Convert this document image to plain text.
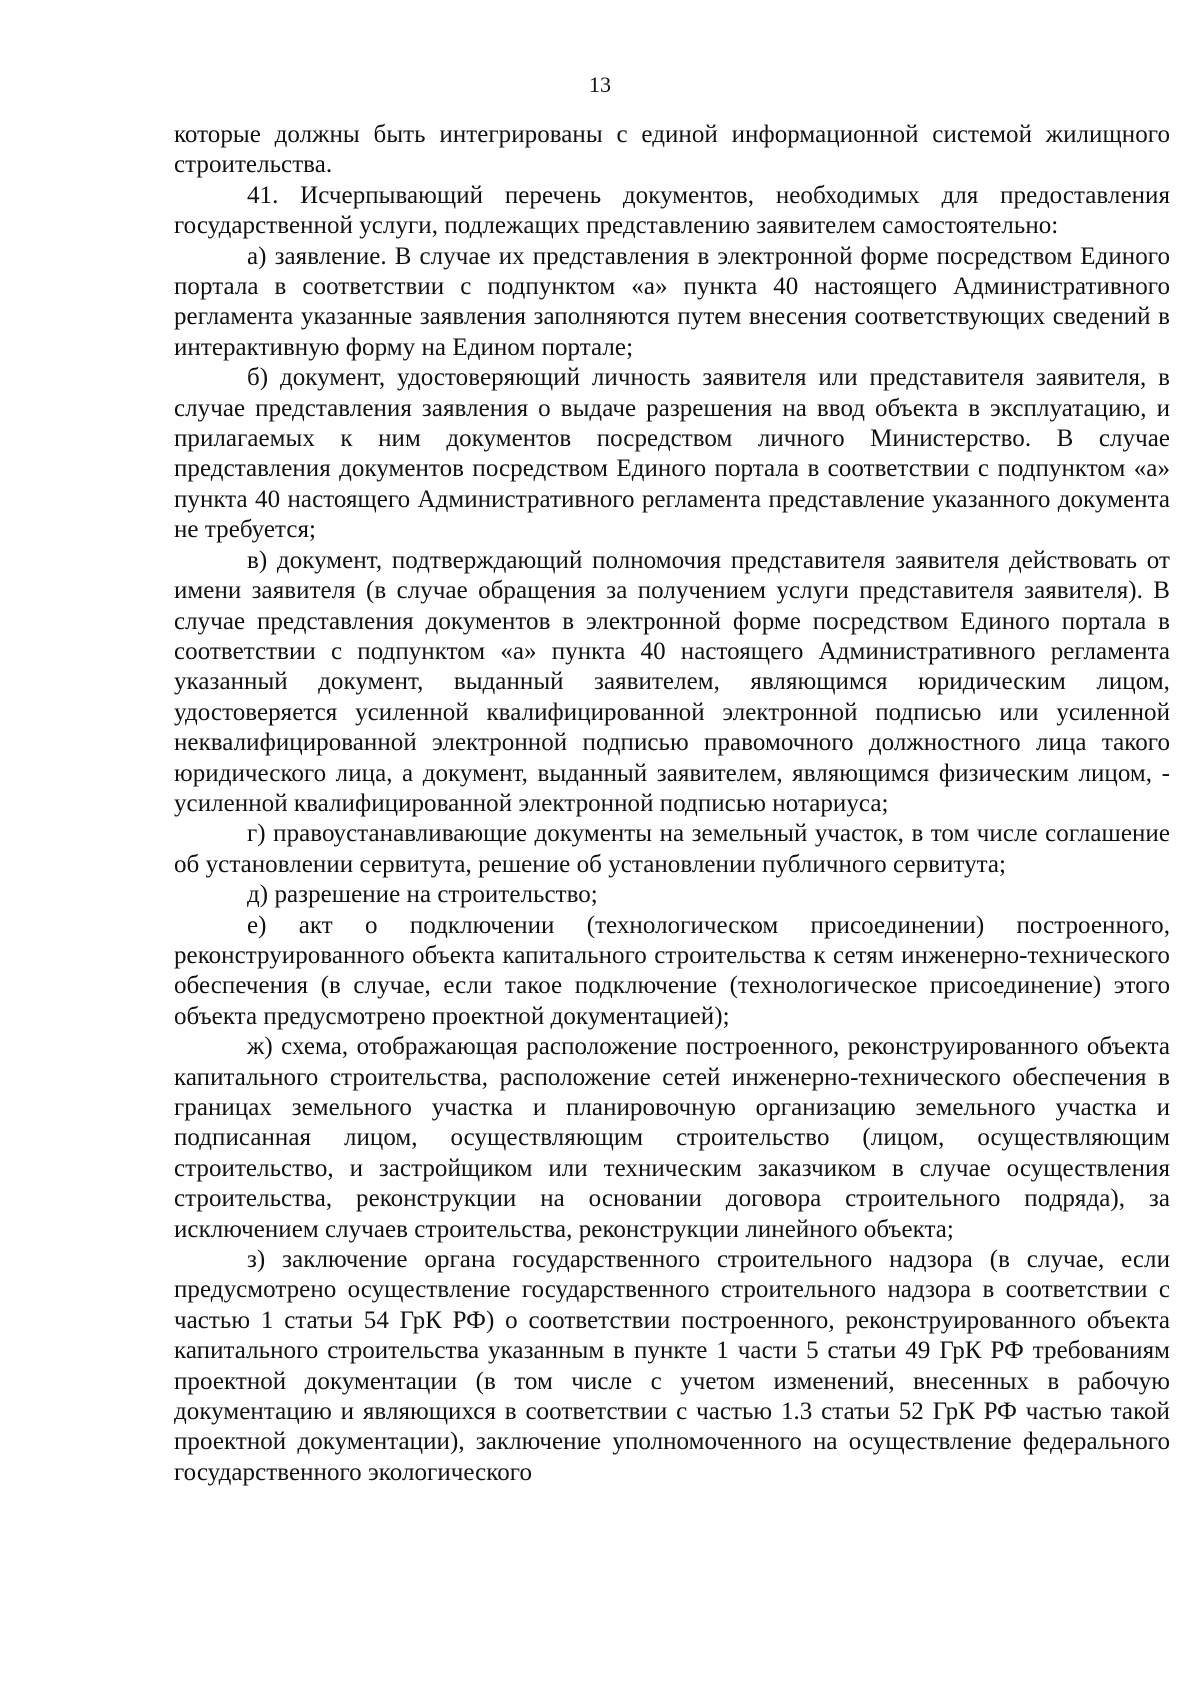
13

которые должны быть интегрированы с единой информационной системой жилищного строительства.

41. Исчерпывающий перечень документов, необходимых для предоставления государственной услуги, подлежащих представлению заявителем самостоятельно:

а) заявление. В случае их представления в электронной форме посредством Единого портала в соответствии с подпунктом «а» пункта 40 настоящего Административного регламента указанные заявления заполняются путем внесения соответствующих сведений в интерактивную форму на Едином портале;

б) документ, удостоверяющий личность заявителя или представителя заявителя, в случае представления заявления о выдаче разрешения на ввод объекта в эксплуатацию, и прилагаемых к ним документов посредством личного Министерство. В случае представления документов посредством Единого портала в соответствии с подпунктом «а» пункта 40 настоящего Административного регламента представление указанного документа не требуется;

в) документ, подтверждающий полномочия представителя заявителя действовать от имени заявителя (в случае обращения за получением услуги представителя заявителя). В случае представления документов в электронной форме посредством Единого портала в соответствии с подпунктом «а» пункта 40 настоящего Административного регламента указанный документ, выданный заявителем, являющимся юридическим лицом, удостоверяется усиленной квалифицированной электронной подписью или усиленной неквалифицированной электронной подписью правомочного должностного лица такого юридического лица, а документ, выданный заявителем, являющимся физическим лицом, - усиленной квалифицированной электронной подписью нотариуса;

г) правоустанавливающие документы на земельный участок, в том числе соглашение об установлении сервитута, решение об установлении публичного сервитута;

д) разрешение на строительство;

е) акт о подключении (технологическом присоединении) построенного, реконструированного объекта капитального строительства к сетям инженерно-технического обеспечения (в случае, если такое подключение (технологическое присоединение) этого объекта предусмотрено проектной документацией);

ж) схема, отображающая расположение построенного, реконструированного объекта капитального строительства, расположение сетей инженерно-технического обеспечения в границах земельного участка и планировочную организацию земельного участка и подписанная лицом, осуществляющим строительство (лицом, осуществляющим строительство, и застройщиком или техническим заказчиком в случае осуществления строительства, реконструкции на основании договора строительного подряда), за исключением случаев строительства, реконструкции линейного объекта;

з) заключение органа государственного строительного надзора (в случае, если предусмотрено осуществление государственного строительного надзора в соответствии с частью 1 статьи 54 ГрК РФ) о соответствии построенного, реконструированного объекта капитального строительства указанным в пункте 1 части 5 статьи 49 ГрК РФ требованиям проектной документации (в том числе с учетом изменений, внесенных в рабочую документацию и являющихся в соответствии с частью 1.3 статьи 52 ГрК РФ частью такой проектной документации), заключение уполномоченного на осуществление федерального государственного экологического
